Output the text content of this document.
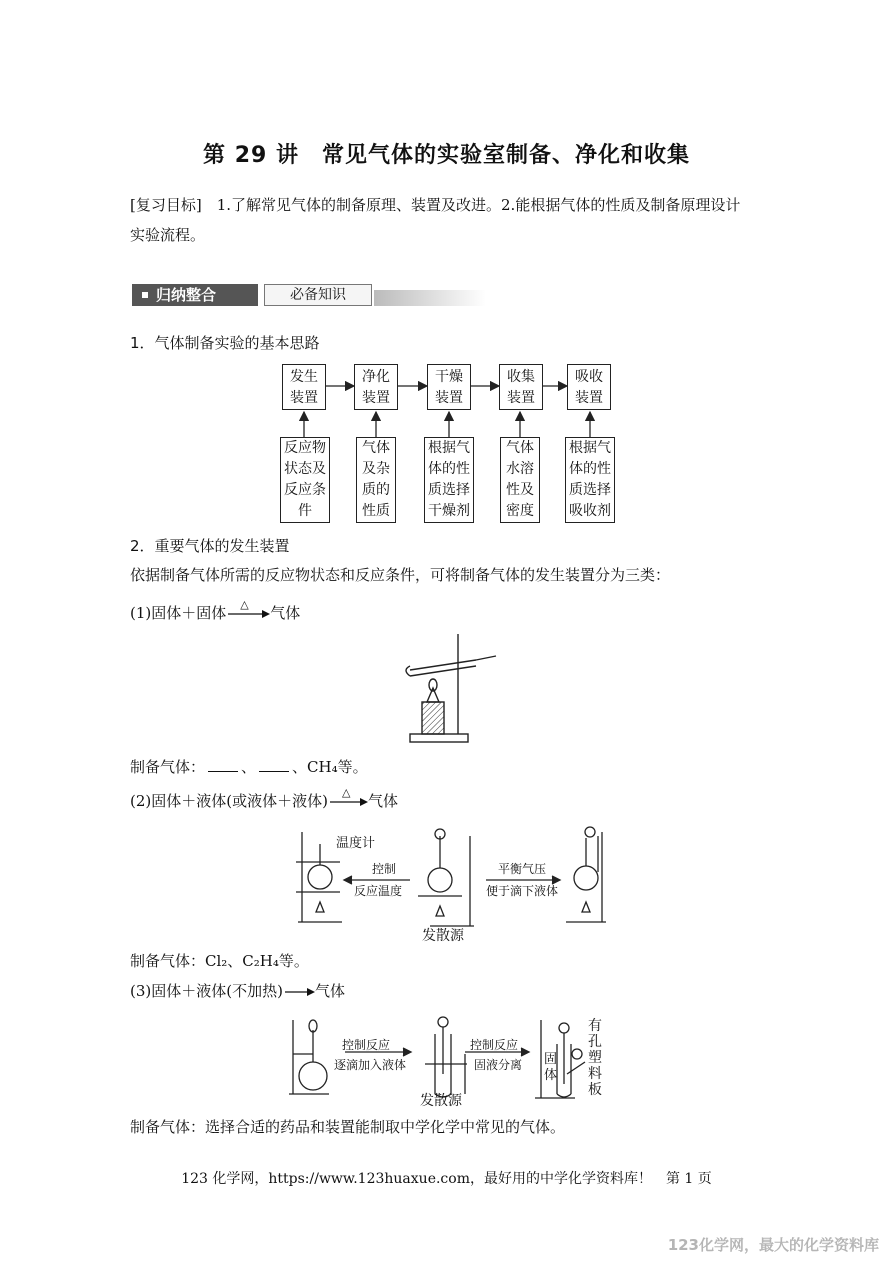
第 29 讲　常见气体的实验室制备、净化和收集
[复习目标]　1.了解常见气体的制备原理、装置及改进。2.能根据气体的性质及制备原理设计
实验流程。
归纳整合	必备知识
1．气体制备实验的基本思路
发生
装置
净化
装置
干燥
装置
收集
装置
吸收
装置
反应物
状态及
反应条
件
气体
及杂
质的
性质
根据气
体的性
质选择
干燥剂
气体
水溶
性及
密度
根据气
体的性
质选择
吸收剂
2．重要气体的发生装置
依据制备气体所需的反应物状态和反应条件，可将制备气体的发生装置分为三类：
(1)固体＋固体 △ 气体
制备气体： 、 、CH₄等。
(2)固体＋液体(或液体＋液体) △ 气体
温度计
控制
反应温度
平衡气压
便于滴下液体
发散源
制备气体：Cl₂、C₂H₄等。
(3)固体＋液体(不加热) 气体
控制反应
逐滴加入液体
控制反应
固液分离
发散源
固体
有孔塑料板
制备气体：选择合适的药品和装置能制取中学化学中常见的气体。
123 化学网，https://www.123huaxue.com，最好用的中学化学资料库！　第 1 页
123化学网，最大的化学资料库
